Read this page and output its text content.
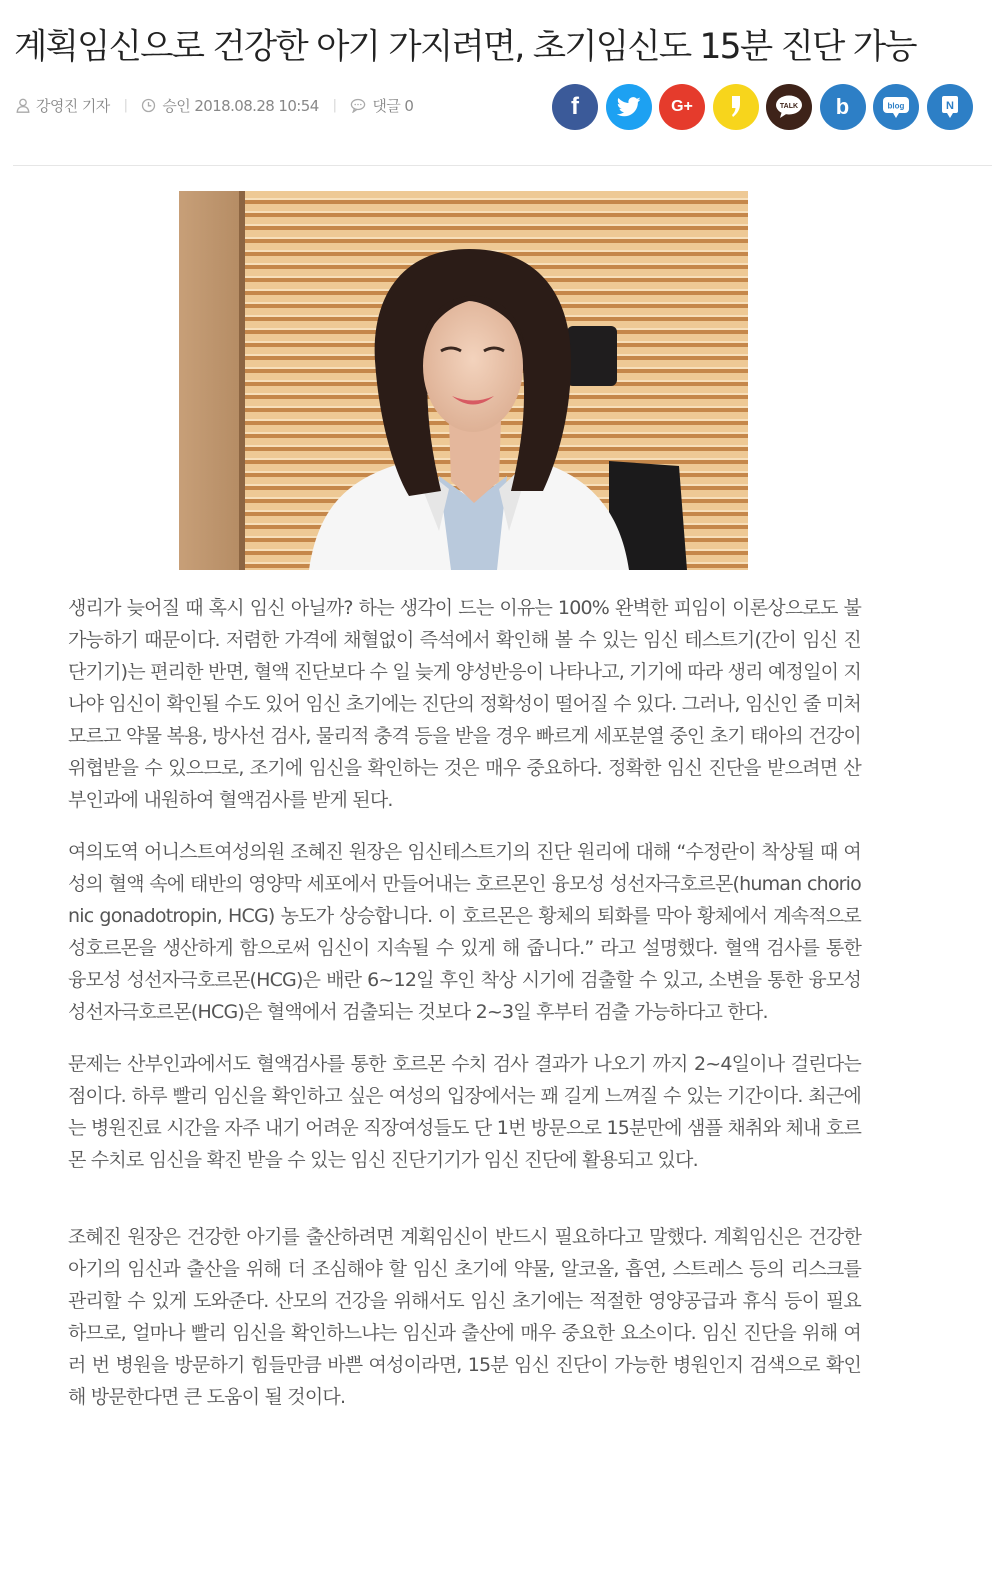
계획임신으로 건강한 아기 가지려면, 초기임신도 15분 진단 가능
강영진 기자 | 승인 2018.08.28 10:54 | 댓글 0	f	G+	TALK b	blog	N

생리가 늦어질 때 혹시 임신 아닐까? 하는 생각이 드는 이유는 100% 완벽한 피임이 이론상으로도 불가능하기 때문이다. 저렴한 가격에 채혈없이 즉석에서 확인해 볼 수 있는 임신 테스트기(간이 임신 진단기기)는 편리한 반면, 혈액 진단보다 수 일 늦게 양성반응이 나타나고, 기기에 따라 생리 예정일이 지나야 임신이 확인될 수도 있어 임신 초기에는 진단의 정확성이 떨어질 수 있다. 그러나, 임신인 줄 미처 모르고 약물 복용, 방사선 검사, 물리적 충격 등을 받을 경우 빠르게 세포분열 중인 초기 태아의 건강이 위협받을 수 있으므로, 조기에 임신을 확인하는 것은 매우 중요하다. 정확한 임신 진단을 받으려면 산부인과에 내원하여 혈액검사를 받게 된다.

여의도역 어니스트여성의원 조혜진 원장은 임신테스트기의 진단 원리에 대해 “수정란이 착상될 때 여성의 혈액 속에 태반의 영양막 세포에서 만들어내는 호르몬인 융모성 성선자극호르몬(human chorionic gonadotropin, HCG) 농도가 상승합니다. 이 호르몬은 황체의 퇴화를 막아 황체에서 계속적으로 성호르몬을 생산하게 함으로써 임신이 지속될 수 있게 해 줍니다.” 라고 설명했다. 혈액 검사를 통한 융모성 성선자극호르몬(HCG)은 배란 6~12일 후인 착상 시기에 검출할 수 있고, 소변을 통한 융모성 성선자극호르몬(HCG)은 혈액에서 검출되는 것보다 2~3일 후부터 검출 가능하다고 한다.

문제는 산부인과에서도 혈액검사를 통한 호르몬 수치 검사 결과가 나오기 까지 2~4일이나 걸린다는 점이다. 하루 빨리 임신을 확인하고 싶은 여성의 입장에서는 꽤 길게 느껴질 수 있는 기간이다. 최근에는 병원진료 시간을 자주 내기 어려운 직장여성들도 단 1번 방문으로 15분만에 샘플 채취와 체내 호르몬 수치로 임신을 확진 받을 수 있는 임신 진단기기가 임신 진단에 활용되고 있다.

조혜진 원장은 건강한 아기를 출산하려면 계획임신이 반드시 필요하다고 말했다. 계획임신은 건강한 아기의 임신과 출산을 위해 더 조심해야 할 임신 초기에 약물, 알코올, 흡연, 스트레스 등의 리스크를 관리할 수 있게 도와준다. 산모의 건강을 위해서도 임신 초기에는 적절한 영양공급과 휴식 등이 필요하므로, 얼마나 빨리 임신을 확인하느냐는 임신과 출산에 매우 중요한 요소이다. 임신 진단을 위해 여러 번 병원을 방문하기 힘들만큼 바쁜 여성이라면, 15분 임신 진단이 가능한 병원인지 검색으로 확인해 방문한다면 큰 도움이 될 것이다.
